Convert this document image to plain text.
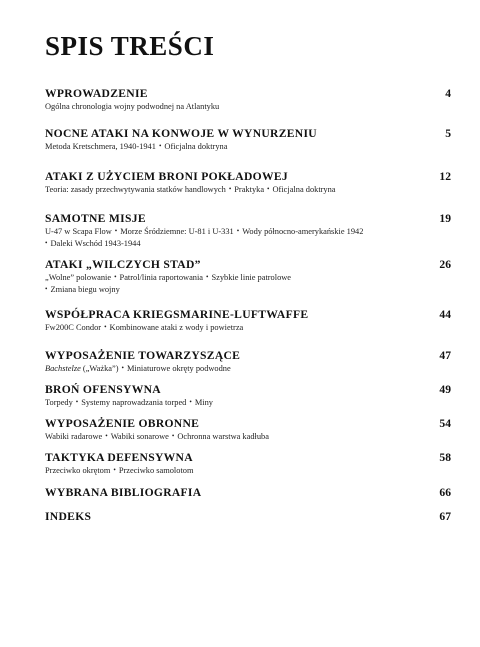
SPIS TREŚCI
WPROWADZENIE	4
Ogólna chronologia wojny podwodnej na Atlantyku
NOCNE ATAKI NA KONWOJE W WYNURZENIU	5
Metoda Kretschmera, 1940-1941 • Oficjalna doktryna
ATAKI Z UŻYCIEM BRONI POKŁADOWEJ	12
Teoria: zasady przechwytywania statków handlowych • Praktyka • Oficjalna doktryna
SAMOTNE MISJE	19
U-47 w Scapa Flow • Morze Śródziemne: U-81 i U-331 • Wody północno-amerykańskie 1942
• Daleki Wschód 1943-1944
ATAKI „WILCZYCH STAD”	26
„Wolne” polowanie • Patrol/linia raportowania • Szybkie linie patrolowe
• Zmiana biegu wojny
WSPÓŁPRACA KRIEGSMARINE-LUFTWAFFE	44
Fw200C Condor • Kombinowane ataki z wody i powietrza
WYPOSAŻENIE TOWARZYSZĄCE	47
Bachstelze („Ważka”) • Miniaturowe okręty podwodne
BROŃ OFENSYWNA	49
Torpedy • Systemy naprowadzania torped • Miny
WYPOSAŻENIE OBRONNE	54
Wabiki radarowe • Wabiki sonarowe • Ochronna warstwa kadłuba
TAKTYKA DEFENSYWNA	58
Przeciwko okrętom • Przeciwko samolotom
WYBRANA BIBLIOGRAFIA	66
INDEKS	67
